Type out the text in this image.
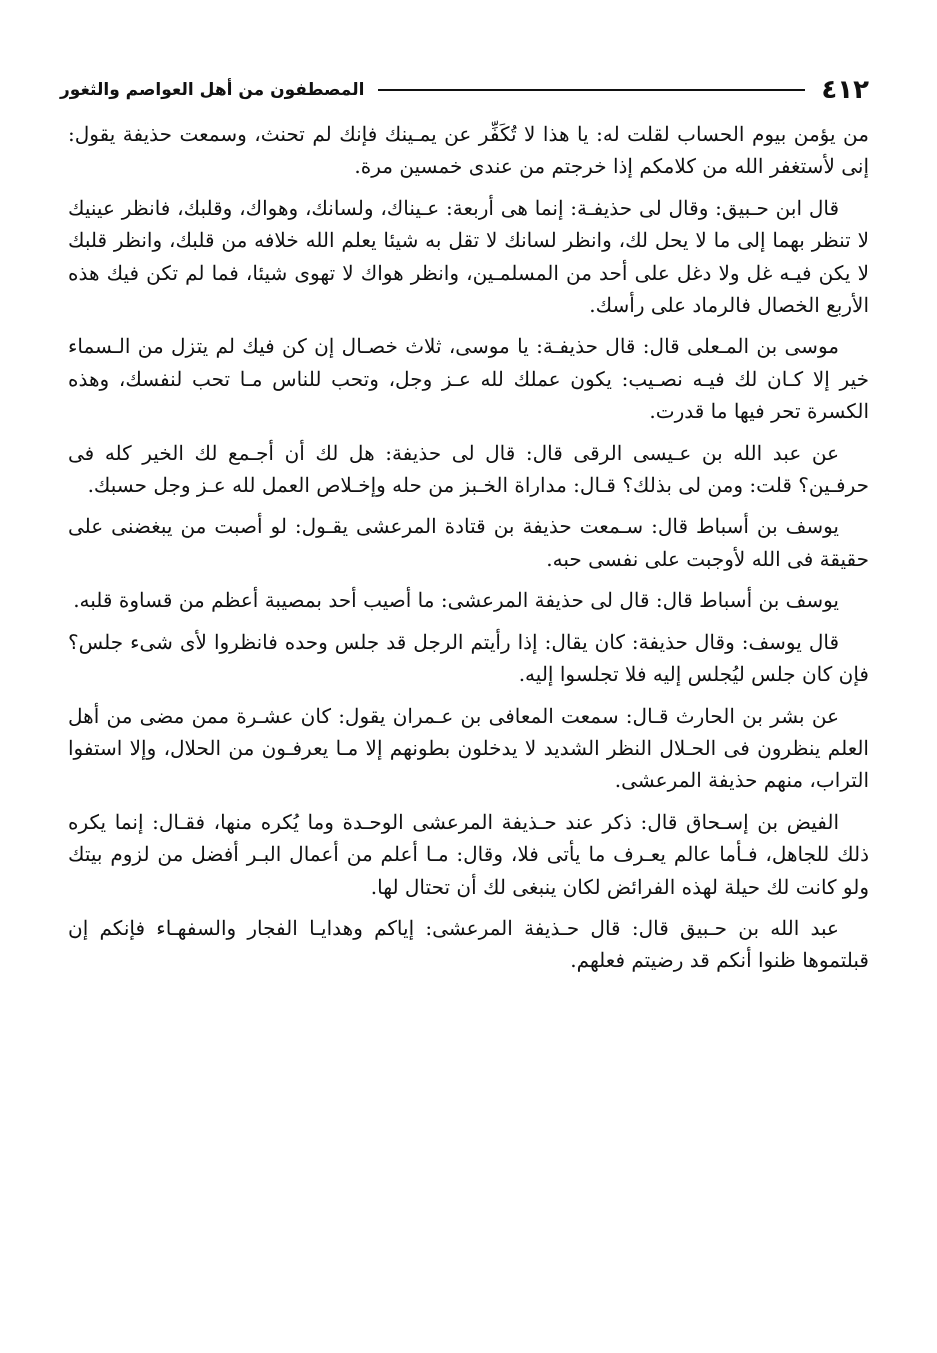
٤١٢
المصطفون من أهل العواصم والثغور

من يؤمن بيوم الحساب لقلت له: يا هذا لا تُكَفِّر عن يمـينك فإنك لم تحنث، وسمعت حذيفة يقول: إنى لأستغفر الله من كلامكم إذا خرجتم من عندى خمسين مرة.

قال ابن حـبيق: وقال لى حذيفـة: إنما هى أربعة: عـيناك، ولسانك، وهواك، وقلبك، فانظر عينيك لا تنظر بهما إلى ما لا يحل لك، وانظر لسانك لا تقل به شيئا يعلم الله خلافه من قلبك، وانظر قلبك لا يكن فيـه غل ولا دغل على أحد من المسلمـين، وانظر هواك لا تهوى شيئا، فما لم تكن فيك هذه الأربع الخصال فالرماد على رأسك.

موسى بن المـعلى قال: قال حذيفـة: يا موسى، ثلاث خصـال إن كن فيك لم يتزل من الـسماء خير إلا كـان لك فيـه نصـيب: يكون عملك لله عـز وجل، وتحب للناس مـا تحب لنفسك، وهذه الكسرة تحر فيها ما قدرت.

عن عبد الله بن عـيسى الرقى قال: قال لى حذيفة: هل لك أن أجـمع لك الخير كله فى حرفـين؟ قلت: ومن لى بذلك؟ قـال: مداراة الخـبز من حله وإخـلاص العمل لله عـز وجل حسبك.

يوسف بن أسباط قال: سـمعت حذيفة بن قتادة المرعشى يقـول: لو أصبت من يبغضنى على حقيقة فى الله لأوجبت على نفسى حبه.

يوسف بن أسباط قال: قال لى حذيفة المرعشى: ما أصيب أحد بمصيبة أعظم من قساوة قلبه.

قال يوسف: وقال حذيفة: كان يقال: إذا رأيتم الرجل قد جلس وحده فانظروا لأى شىء جلس؟ فإن كان جلس ليُجلس إليه فلا تجلسوا إليه.

عن بشر بن الحارث قـال: سمعت المعافى بن عـمران يقول: كان عشـرة ممن مضى من أهل العلم ينظرون فى الحـلال النظر الشديد لا يدخلون بطونهم إلا مـا يعرفـون من الحلال، وإلا استفوا التراب، منهم حذيفة المرعشى.

الفيض بن إسـحاق قال: ذكر عند حـذيفة المرعشى الوحـدة وما يُكره منها، فقـال: إنما يكره ذلك للجاهل، فـأما عالم يعـرف ما يأتى فلا، وقال: مـا أعلم من أعمال البـر أفضل من لزوم بيتك ولو كانت لك حيلة لهذه الفرائض لكان ينبغى لك أن تحتال لها.

عبد الله بن حـبيق قال: قال حـذيفة المرعشى: إياكم وهدايـا الفجار والسفهـاء فإنكم إن قبلتموها ظنوا أنكم قد رضيتم فعلهم.
